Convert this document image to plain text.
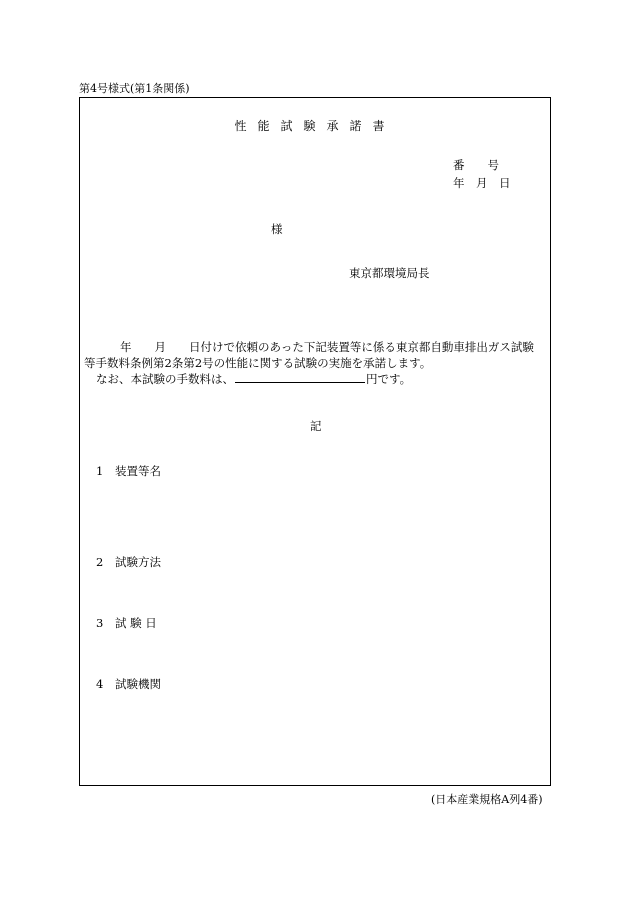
第4号様式(第1条関係)
性能試験承諾書
番　　号
年　月　日
様
東京都環境局長
年　　月　　日付けで依頼のあった下記装置等に係る東京都自動車排出ガス試験
等手数料条例第2条第2号の性能に関する試験の実施を承諾します。
なお、本試験の手数料は、	円です。
記
1 装置等名
2 試験方法
3 試 験 日
4 試験機関
(日本産業規格A列4番)
